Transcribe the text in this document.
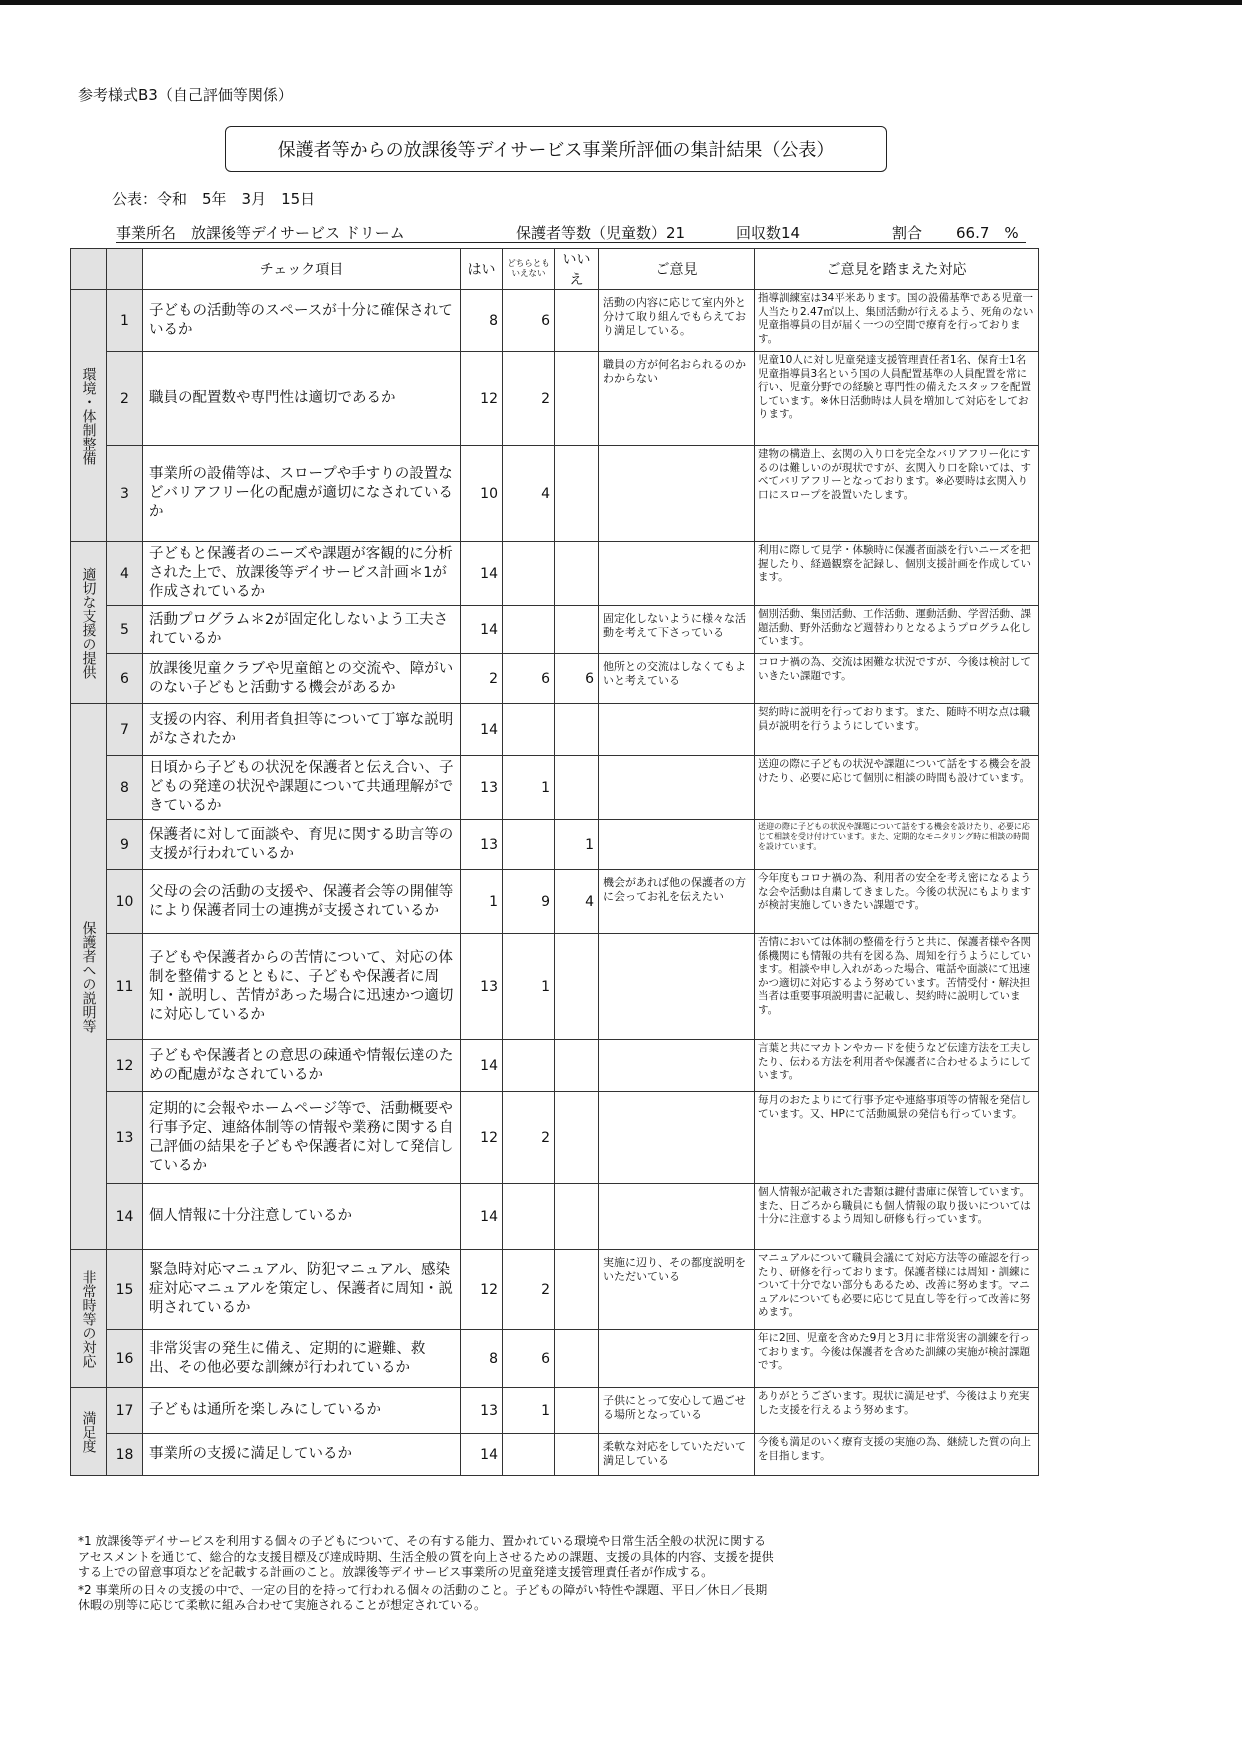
参考様式B3（自己評価等関係）
保護者等からの放課後等デイサービス事業所評価の集計結果（公表）
公表：令和　5年　3月　15日
事業所名　放課後等デイサービス ドリーム	保護者等数（児童数）21	回収数14	割合	66.7　%
		チェック項目	はい	どちらともいえない	いいえ	ご意見	ご意見を踏まえた対応
環境・体制整備	1	子どもの活動等のスペースが十分に確保されているか	8	6		活動の内容に応じて室内外と分けて取り組んでもらえており満足している。	指導訓練室は34平米あります。国の設備基準である児童一人当たり2.47㎡以上、集団活動が行えるよう、死角のない児童指導員の目が届く一つの空間で療育を行っております。
	2	職員の配置数や専門性は適切であるか	12	2		職員の方が何名おられるのかわからない	児童10人に対し児童発達支援管理責任者1名、保育士1名児童指導員3名という国の人員配置基準の人員配置を常に行い、児童分野での経験と専門性の備えたスタッフを配置しています。※休日活動時は人員を増加して対応をしております。
	3	事業所の設備等は、スロープや手すりの設置などバリアフリー化の配慮が適切になされているか	10	4			建物の構造上、玄関の入り口を完全なバリアフリー化にするのは難しいのが現状ですが、玄関入り口を除いては、すべてバリアフリーとなっております。※必要時は玄関入り口にスロープを設置いたします。
適切な支援の提供	4	子どもと保護者のニーズや課題が客観的に分析された上で、放課後等デイサービス計画＊1が作成されているか	14				利用に際して見学・体験時に保護者面談を行いニーズを把握したり、経過観察を記録し、個別支援計画を作成しています。
	5	活動プログラム＊2が固定化しないよう工夫されているか	14			固定化しないように様々な活動を考えて下さっている	個別活動、集団活動、工作活動、運動活動、学習活動、課題活動、野外活動など週替わりとなるようプログラム化しています。
	6	放課後児童クラブや児童館との交流や、障がいのない子どもと活動する機会があるか	2	6	6	他所との交流はしなくてもよいと考えている	コロナ禍の為、交流は困難な状況ですが、今後は検討していきたい課題です。
保護者への説明等	7	支援の内容、利用者負担等について丁寧な説明がなされたか	14				契約時に説明を行っております。また、随時不明な点は職員が説明を行うようにしています。
	8	日頃から子どもの状況を保護者と伝え合い、子どもの発達の状況や課題について共通理解ができているか	13	1			送迎の際に子どもの状況や課題について話をする機会を設けたり、必要に応じて個別に相談の時間も設けています。
	9	保護者に対して面談や、育児に関する助言等の支援が行われているか	13		1		送迎の際に子どもの状況や課題について話をする機会を設けたり、必要に応じて相談を受け付けています。また、定期的なモニタリング時に相談の時間を設けています。
	10	父母の会の活動の支援や、保護者会等の開催等により保護者同士の連携が支援されているか	1	9	4	機会があれば他の保護者の方に会ってお礼を伝えたい	今年度もコロナ禍の為、利用者の安全を考え密になるような会や活動は自粛してきました。今後の状況にもよりますが検討実施していきたい課題です。
	11	子どもや保護者からの苦情について、対応の体制を整備するとともに、子どもや保護者に周知・説明し、苦情があった場合に迅速かつ適切に対応しているか	13	1			苦情においては体制の整備を行うと共に、保護者様や各関係機関にも情報の共有を図る為、周知を行うようにしています。相談や申し入れがあった場合、電話や面談にて迅速かつ適切に対応するよう努めています。苦情受付・解決担当者は重要事項説明書に記載し、契約時に説明しています。
	12	子どもや保護者との意思の疎通や情報伝達のための配慮がなされているか	14				言葉と共にマカトンやカードを使うなど伝達方法を工夫したり、伝わる方法を利用者や保護者に合わせるようにしています。
	13	定期的に会報やホームページ等で、活動概要や行事予定、連絡体制等の情報や業務に関する自己評価の結果を子どもや保護者に対して発信しているか	12	2			毎月のおたよりにて行事予定や連絡事項等の情報を発信しています。又、HPにて活動風景の発信も行っています。
	14	個人情報に十分注意しているか	14				個人情報が記載された書類は鍵付書庫に保管しています。また、日ごろから職員にも個人情報の取り扱いについては十分に注意するよう周知し研修も行っています。
非常時等の対応	15	緊急時対応マニュアル、防犯マニュアル、感染症対応マニュアルを策定し、保護者に周知・説明されているか	12	2		実施に辺り、その都度説明をいただいている	マニュアルについて職員会議にて対応方法等の確認を行ったり、研修を行っております。保護者様には周知・訓練について十分でない部分もあるため、改善に努めます。マニュアルについても必要に応じて見直し等を行って改善に努めます。
	16	非常災害の発生に備え、定期的に避難、救出、その他必要な訓練が行われているか	8	6			年に2回、児童を含めた9月と3月に非常災害の訓練を行っております。今後は保護者を含めた訓練の実施が検討課題です。
満足度	17	子どもは通所を楽しみにしているか	13	1		子供にとって安心して過ごせる場所となっている	ありがとうございます。現状に満足せず、今後はより充実した支援を行えるよう努めます。
	18	事業所の支援に満足しているか	14			柔軟な対応をしていただいて満足している	今後も満足のいく療育支援の実施の為、継続した質の向上を目指します。

*1 放課後等デイサービスを利用する個々の子どもについて、その有する能力、置かれている環境や日常生活全般の状況に関するアセスメントを通じて、総合的な支援目標及び達成時期、生活全般の質を向上させるための課題、支援の具体的内容、支援を提供する上での留意事項などを記載する計画のこと。放課後等デイサービス事業所の児童発達支援管理責任者が作成する。

*2 事業所の日々の支援の中で、一定の目的を持って行われる個々の活動のこと。子どもの障がい特性や課題、平日／休日／長期休暇の別等に応じて柔軟に組み合わせて実施されることが想定されている。
